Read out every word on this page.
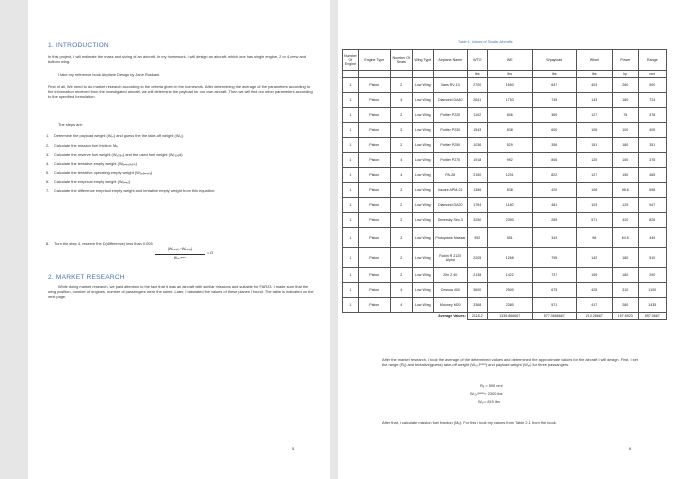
1. INTRODUCTION
In this project, I will estimate the mass and sizing of an aircraft. In my homework, i will design an aircraft, which one has single engine, 2 or 4 crew and bottom wing.
I take my reference book Airplane Design by Jane Roskam.
First of all, We need to do market research according to the criteria given in the homework. After determining the average of the parameters according to the information received from the investigated aircraft, we will determine the payload for our own aircraft. Then we will find our other parameters according to the specified formulation.
The steps are:
1. Determine the payload weight (Wₚₗ) and guess the the take-off weight (Wₜₒ)
2. Calculate the mission fuel friction: Mₑ
3. Calculate the reserve fuel weight (Wₜₒᵣₑₛ) and the used fuel weight (Wₜᵤₛₑd)
4. Calculate the tentative empty weight (Wₑₘₚₜᵧₜₑₙₜ)
5. Calculate the tentative operating empty weight (Wₒₚₑₘₚₜᵧ)
6. Calculate the emprical empty weight (Wₑₘₚᵣ)
7. Calculate the difference emprical empty weight and tentative empty weight from this equation:
8. Turn the step 4, reserve the D(difference) less than 0.005
|Wₑₘₚₜᵧ−Wₑₘₚᵣ|
Wₜₒ,ᵍᵘᵉˢˢ
= D
2. MARKET RESEARCH
While doing market research, we paid attention to the fact that it was an aircraft with similar missions and suitable for FAR23. I made sure that the wing position, number of engines, number of passengers were the same. Later, I tabulated the values of these planes I found. The table is indicated on the next page.
5
Table 1: Values of Similar Aircrafts
Number Of Engine	Engine Type	Number Of Seats	Wing Type	Airplane Name	WTO	WE	Wpayload	Wfuel	Power	Range
					lbs	lbs	lbs	lbs	hp	nmi
1	Piston	2	Low Wing	Vans RV-10	2700	1650	647	403	260	500
1	Piston	4	Low Wing	Diamond DA40	2641	1753	745	143	180	724
1	Piston	2	Low Wing	Pottier P220	1102	606	369	127	75	378
1	Piston	3	Low Wing	Pottier P230	1543	838	600	105	100	405
1	Piston	2	Low Wing	Pottier P250	1036	529	356	151	180	351
1	Piston	4	Low Wing	Pottier P270	1918	992	806	120	150	378
1	Piston	4	Low Wing	PA-28	2150	1201	822	127	150	465
1	Piston	2	Low Wing	Issoire APM-21	1366	838	420	108	98.6	598
1	Piston	2	Low Wing	Diamond DA20	1764	1180	481	103	125	547
1	Piston	2	Low Wing	Seversky Sev-3	3250	2390	289	571	420	826
1	Piston	2	Low Wing	Protoplane Massai	992	551	343	98	64.5	449
1	Piston	2	Low Wing	Robin R 2120 Alpha	2205	1268	795	142	180	510
1	Piston	2	Low Wing	Zlin Z 40	2138	1422	737	159	180	290
1	Piston	4	Low Wing	Cessna 400	3600	2500	675	425	310	1100
1	Piston	4	Low Wing	Mooney M20	3368	2380	571	417	280	1435
			Average Values:		2118.2	1339.866667	577.0666667	213.26667	197.6923	597.0667
After the market research, I took the average of the determined values and determined the approximate values for the aircraft I will design. First, I set the range (Rₑ) and tentative(guess) take-off weight (Wₜₒ,ᵍᵘᵉˢˢ) and payload weight (Wₚₗ) for three passangers.
Rₑ = 590 nmi
Wₜₒ,ᵍᵘᵉˢˢ= 2300 lbs
Wₚₗ= 815 lbs
After that, i calculate mission fuel fraction (Mₑ). For this i took my values from Table 2.1 from the book.
6
